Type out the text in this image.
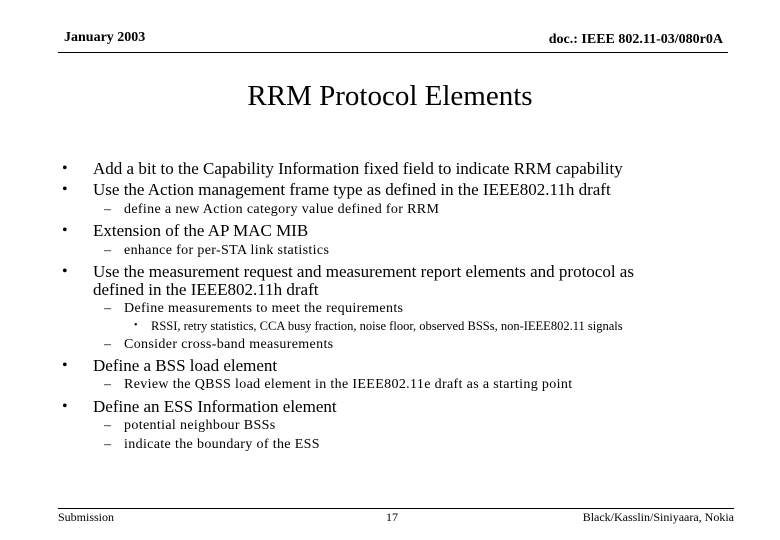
January 2003	doc.: IEEE 802.11-03/080r0A
RRM Protocol Elements
• Add a bit to the Capability Information fixed field to indicate RRM capability
• Use the Action management frame type as defined in the IEEE802.11h draft
– define a new Action category value defined for RRM
• Extension of the AP MAC MIB
– enhance for per-STA link statistics
• Use the measurement request and measurement report elements and protocol as
defined in the IEEE802.11h draft
– Define measurements to meet the requirements
• RSSI, retry statistics, CCA busy fraction, noise floor, observed BSSs, non-IEEE802.11 signals
– Consider cross-band measurements
• Define a BSS load element
– Review the QBSS load element in the IEEE802.11e draft as a starting point
• Define an ESS Information element
– potential neighbour BSSs
– indicate the boundary of the ESS
Submission	17	Black/Kasslin/Siniyaara, Nokia
